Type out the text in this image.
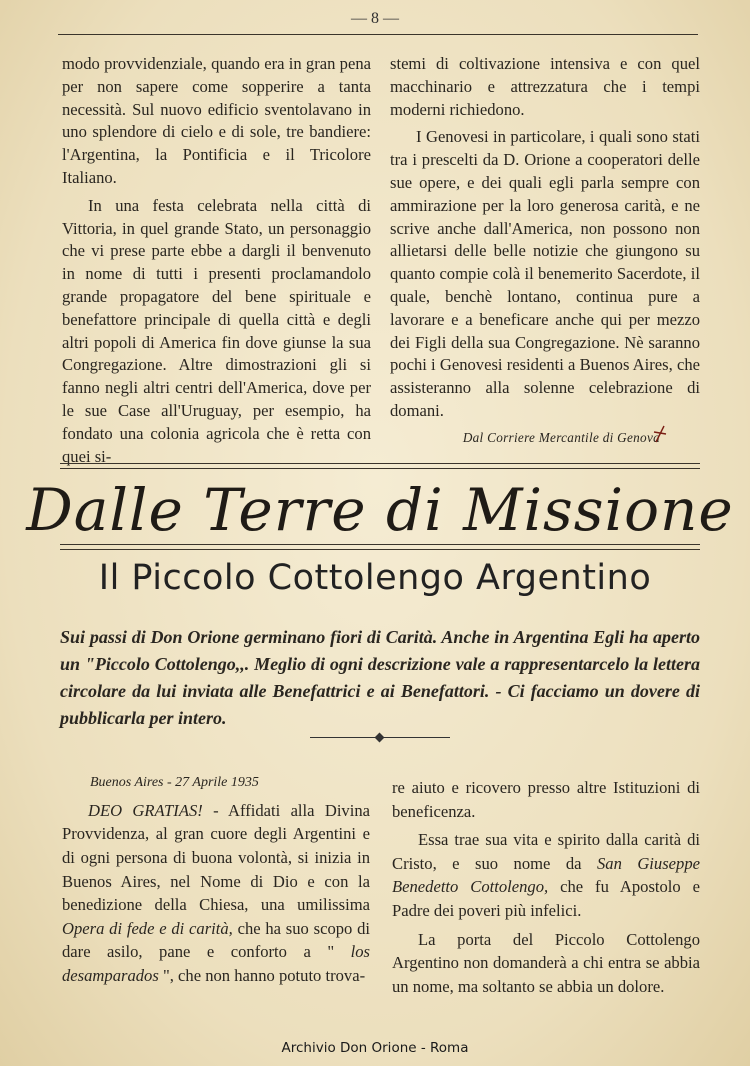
— 8 —

modo provvidenziale, quando era in gran pena per non sapere come sopperire a tanta necessità. Sul nuovo edificio sventolavano in uno splendore di cielo e di sole, tre bandiere: l'Argentina, la Pontificia e il Tricolore Italiano.

In una festa celebrata nella città di Vittoria, in quel grande Stato, un personaggio che vi prese parte ebbe a dargli il benvenuto in nome di tutti i presenti proclamandolo grande propagatore del bene spirituale e benefattore principale di quella città e degli altri popoli di America fin dove giunse la sua Congregazione. Altre dimostrazioni gli si fanno negli altri centri dell'America, dove per le sue Case all'Uruguay, per esempio, ha fondato una colonia agricola che è retta con quei si-

stemi di coltivazione intensiva e con quel macchinario e attrezzatura che i tempi moderni richiedono.

I Genovesi in particolare, i quali sono stati tra i prescelti da D. Orione a cooperatori delle sue opere, e dei quali egli parla sempre con ammirazione per la loro generosa carità, e ne scrive anche dall'America, non possono non allietarsi delle belle notizie che giungono su quanto compie colà il benemerito Sacerdote, il quale, benchè lontano, continua pure a lavorare e a beneficare anche qui per mezzo dei Figli della sua Congregazione. Nè saranno pochi i Genovesi residenti a Buenos Aires, che assisteranno alla solenne celebrazione di domani.

Dal Corriere Mercantile di Genova
Dalle Terre di Missione
Il Piccolo Cottolengo Argentino
Sui passi di Don Orione germinano fiori di Carità. Anche in Argentina Egli ha aperto un "Piccolo Cottolengo,,. Meglio di ogni descrizione vale a rappresentarcelo la lettera circolare da lui inviata alle Benefattrici e ai Benefattori. - Ci facciamo un dovere di pubblicarla per intero.
Buenos Aires - 27 Aprile 1935

DEO GRATIAS! - Affidati alla Divina Provvidenza, al gran cuore degli Argentini e di ogni persona di buona volontà, si inizia in Buenos Aires, nel Nome di Dio e con la benedizione della Chiesa, una umilissima Opera di fede e di carità, che ha suo scopo di dare asilo, pane e conforto a " los desamparados ", che non hanno potuto trova-

re aiuto e ricovero presso altre Istituzioni di beneficenza.

Essa trae sua vita e spirito dalla carità di Cristo, e suo nome da San Giuseppe Benedetto Cottolengo, che fu Apostolo e Padre dei poveri più infelici.

La porta del Piccolo Cottolengo Argentino non domanderà a chi entra se abbia un nome, ma soltanto se abbia un dolore.

Archivio Don Orione - Roma
